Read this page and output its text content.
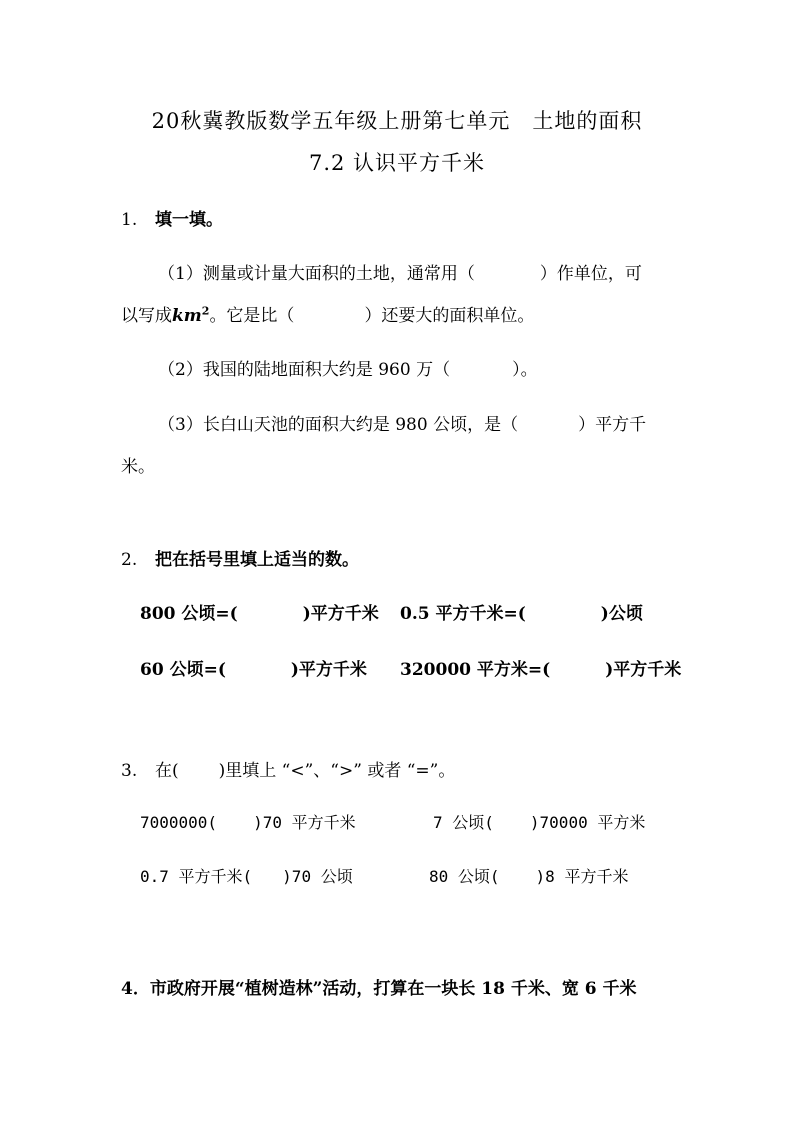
20秋冀教版数学五年级上册第七单元　土地的面积
7.2 认识平方千米
1. 填一填。
（1）测量或计量大面积的土地，通常用（	）作单位，可
以写成$km^2$。它是比（	）还要大的面积单位。
（2）我国的陆地面积大约是 960 万（	）。
（3）长白山天池的面积大约是 980 公顷，是（	）平方千
米。
2. 把在括号里填上适当的数。
800 公顷=(	)平方千米 0.5 平方千米=(	)公顷
60 公顷=(	)平方千米 320000 平方米=(	)平方千米
3. 在( )里填上 “<”、“>” 或者 “=”。
7000000( )70 平方千米	7 公顷( )70000 平方米
0.7 平方千米( )70 公顷	80 公顷( )8 平方千米
4．市政府开展“植树造林”活动，打算在一块长 18 千米、宽 6 千米
